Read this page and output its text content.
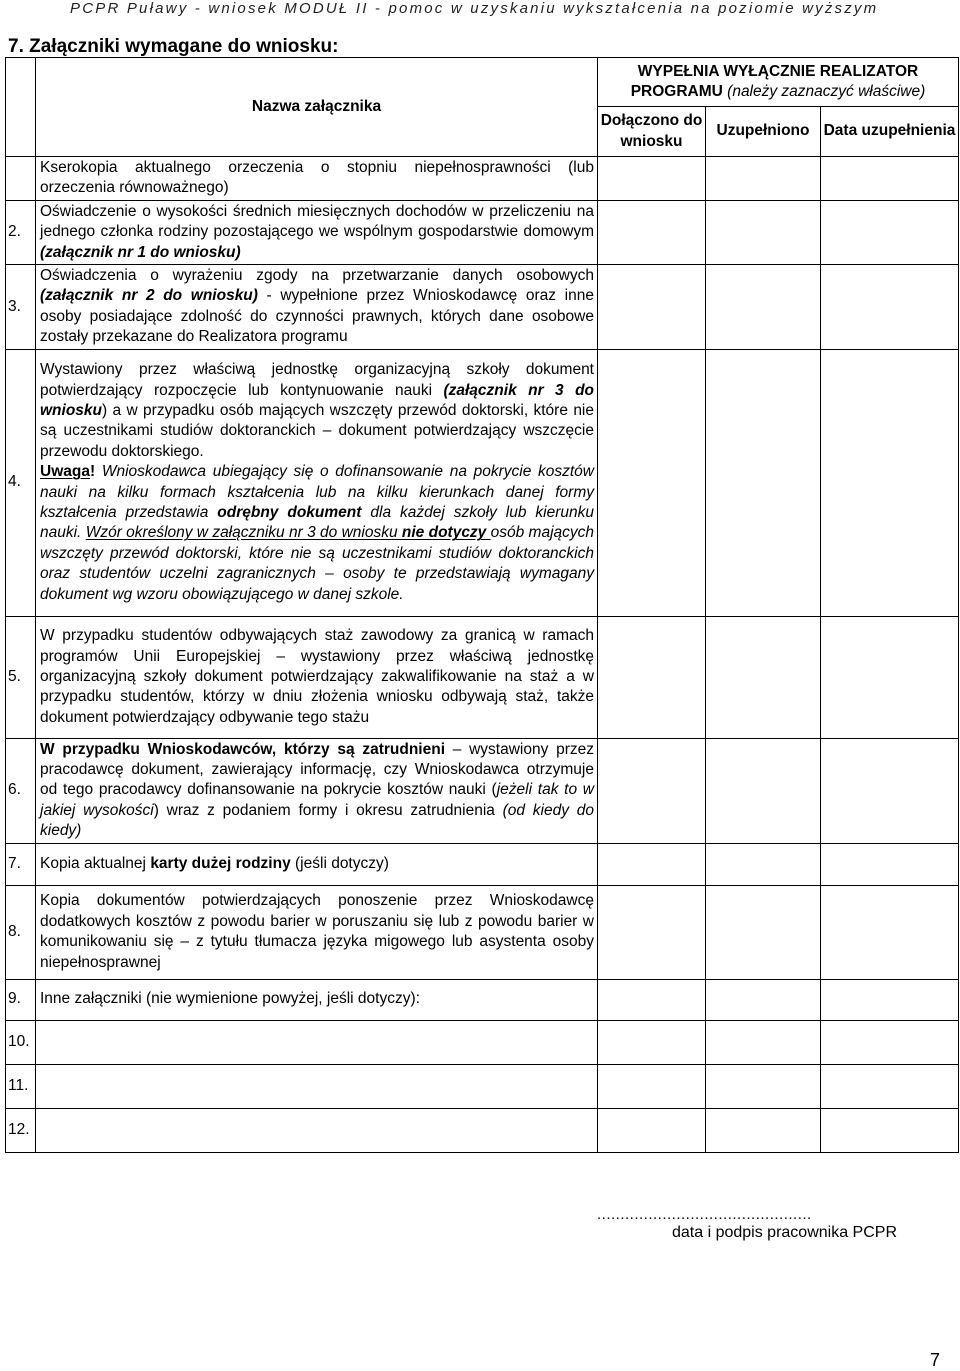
PCPR Puławy - wniosek MODUŁ II - pomoc w uzyskaniu wykształcenia na poziomie wyższym
7. Załączniki wymagane do wniosku:
	Nazwa załącznika	WYPEŁNIA WYŁĄCZNIE REALIZATOR PROGRAMU (należy zaznaczyć właściwe)		
		Dołączono do wniosku	Uzupełniono	Data uzupełnienia
	Kserokopia aktualnego orzeczenia o stopniu niepełnosprawności (lub orzeczenia równoważnego)			
2.	Oświadczenie o wysokości średnich miesięcznych dochodów w przeliczeniu na jednego członka rodziny pozostającego we wspólnym gospodarstwie domowym (załącznik nr 1 do wniosku)			
3.	Oświadczenia o wyrażeniu zgody na przetwarzanie danych osobowych (załącznik nr 2 do wniosku) - wypełnione przez Wnioskodawcę oraz inne osoby posiadające zdolność do czynności prawnych, których dane osobowe zostały przekazane do Realizatora programu			
4.	Wystawiony przez właściwą jednostkę organizacyjną szkoły dokument potwierdzający rozpoczęcie lub kontynuowanie nauki (załącznik nr 3 do wniosku) a w przypadku osób mających wszczęty przewód doktorski, które nie są uczestnikami studiów doktoranckich – dokument potwierdzający wszczęcie przewodu doktorskiego.
Uwaga! Wnioskodawca ubiegający się o dofinansowanie na pokrycie kosztów nauki na kilku formach kształcenia lub na kilku kierunkach danej formy kształcenia przedstawia odrębny dokument dla każdej szkoły lub kierunku nauki. Wzór określony w załączniku nr 3 do wniosku nie dotyczy osób mających wszczęty przewód doktorski, które nie są uczestnikami studiów doktoranckich oraz studentów uczelni zagranicznych – osoby te przedstawiają wymagany dokument wg wzoru obowiązującego w danej szkole.			
5.	W przypadku studentów odbywających staż zawodowy za granicą w ramach programów Unii Europejskiej – wystawiony przez właściwą jednostkę organizacyjną szkoły dokument potwierdzający zakwalifikowanie na staż a w przypadku studentów, którzy w dniu złożenia wniosku odbywają staż, także dokument potwierdzający odbywanie tego stażu			
6.	W przypadku Wnioskodawców, którzy są zatrudnieni – wystawiony przez pracodawcę dokument, zawierający informację, czy Wnioskodawca otrzymuje od tego pracodawcy dofinansowanie na pokrycie kosztów nauki (jeżeli tak to w jakiej wysokości) wraz z podaniem formy i okresu zatrudnienia (od kiedy do kiedy)			
7.	Kopia aktualnej karty dużej rodziny (jeśli dotyczy)			
8.	Kopia dokumentów potwierdzających ponoszenie przez Wnioskodawcę dodatkowych kosztów z powodu barier w poruszaniu się lub z powodu barier w komunikowaniu się – z tytułu tłumacza języka migowego lub asystenta osoby niepełnosprawnej			
9.	Inne załączniki (nie wymienione powyżej, jeśli dotyczy):			
10.				
11.				
12.				
..............................................
data i podpis pracownika PCPR
7
